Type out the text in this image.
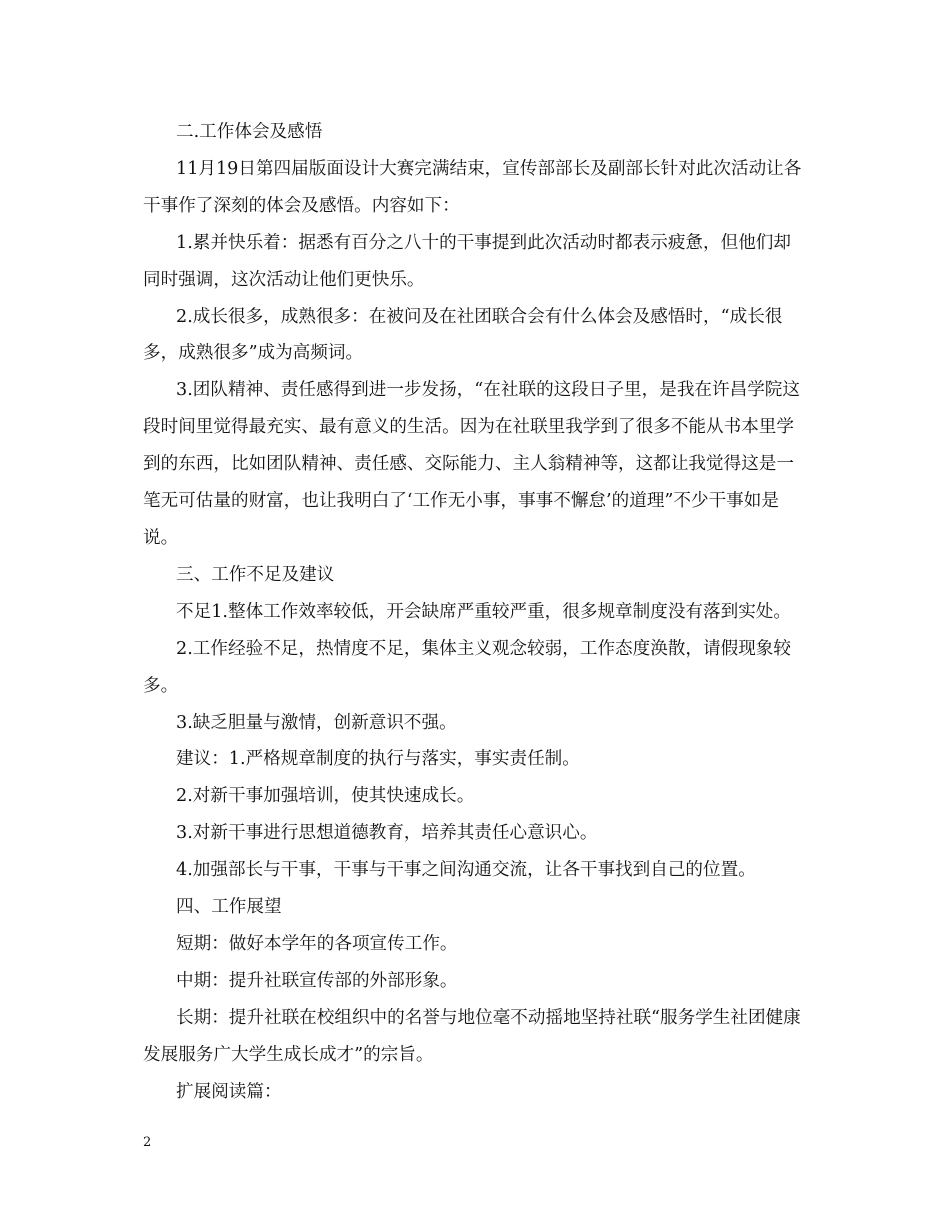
二.工作体会及感悟

11月19日第四届版面设计大赛完满结束，宣传部部长及副部长针对此次活动让各干事作了深刻的体会及感悟。内容如下：

1.累并快乐着：据悉有百分之八十的干事提到此次活动时都表示疲惫，但他们却同时强调，这次活动让他们更快乐。

2.成长很多，成熟很多：在被问及在社团联合会有什么体会及感悟时，“成长很多，成熟很多”成为高频词。

3.团队精神、责任感得到进一步发扬，“在社联的这段日子里，是我在许昌学院这段时间里觉得最充实、最有意义的生活。因为在社联里我学到了很多不能从书本里学到的东西，比如团队精神、责任感、交际能力、主人翁精神等，这都让我觉得这是一笔无可估量的财富，也让我明白了‘工作无小事，事事不懈怠’的道理”不少干事如是说。

三、工作不足及建议

不足1.整体工作效率较低，开会缺席严重较严重，很多规章制度没有落到实处。

2.工作经验不足，热情度不足，集体主义观念较弱，工作态度涣散，请假现象较多。

3.缺乏胆量与激情，创新意识不强。

建议：1.严格规章制度的执行与落实，事实责任制。

2.对新干事加强培训，使其快速成长。

3.对新干事进行思想道德教育，培养其责任心意识心。

4.加强部长与干事，干事与干事之间沟通交流，让各干事找到自己的位置。

四、工作展望

短期：做好本学年的各项宣传工作。

中期：提升社联宣传部的外部形象。

长期：提升社联在校组织中的名誉与地位毫不动摇地坚持社联“服务学生社团健康发展服务广大学生成长成才”的宗旨。

扩展阅读篇：

2
